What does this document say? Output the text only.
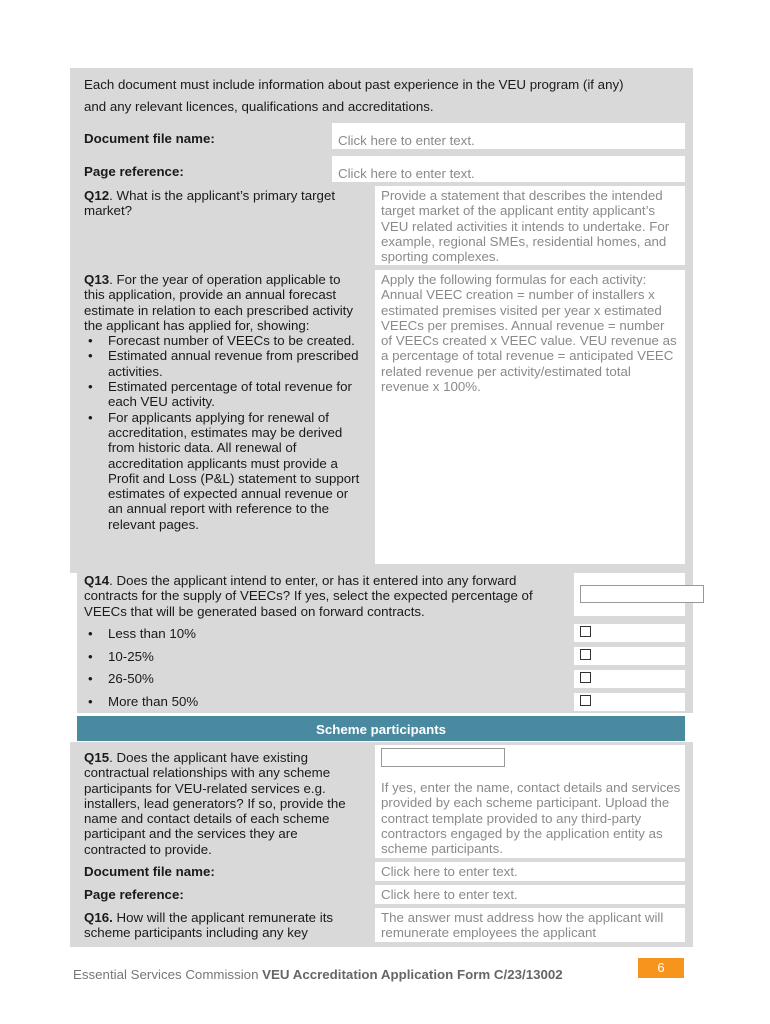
Each document must include information about past experience in the VEU program (if any)
and any relevant licences, qualifications and accreditations.
Document file name:	Click here to enter text.
Page reference:	Click here to enter text.
Q12. What is the applicant’s primary target market?
Provide a statement that describes the intended target market of the applicant entity applicant’s VEU related activities it intends to undertake. For example, regional SMEs, residential homes, and sporting complexes.
Q13. For the year of operation applicable to this application, provide an annual forecast estimate in relation to each prescribed activity the applicant has applied for, showing:
• Forecast number of VEECs to be created.
• Estimated annual revenue from prescribed activities.
• Estimated percentage of total revenue for each VEU activity.
• For applicants applying for renewal of accreditation, estimates may be derived from historic data. All renewal of accreditation applicants must provide a Profit and Loss (P&L) statement to support estimates of expected annual revenue or an annual report with reference to the relevant pages.
Apply the following formulas for each activity: Annual VEEC creation = number of installers x estimated premises visited per year x estimated VEECs per premises. Annual revenue = number of VEECs created x VEEC value. VEU revenue as a percentage of total revenue = anticipated VEEC related revenue per activity/estimated total revenue x 100%.
Q14. Does the applicant intend to enter, or has it entered into any forward contracts for the supply of VEECs? If yes, select the expected percentage of VEECs that will be generated based on forward contracts.
• Less than 10%
• 10-25%
• 26-50%
• More than 50%
Scheme participants
Q15. Does the applicant have existing contractual relationships with any scheme participants for VEU-related services e.g. installers, lead generators? If so, provide the name and contact details of each scheme participant and the services they are contracted to provide.
If yes, enter the name, contact details and services provided by each scheme participant. Upload the contract template provided to any third-party contractors engaged by the application entity as scheme participants.
Document file name:	Click here to enter text.
Page reference:	Click here to enter text.
Q16. How will the applicant remunerate its scheme participants including any key
The answer must address how the applicant will remunerate employees the applicant
Essential Services Commission VEU Accreditation Application Form C/23/13002	6
